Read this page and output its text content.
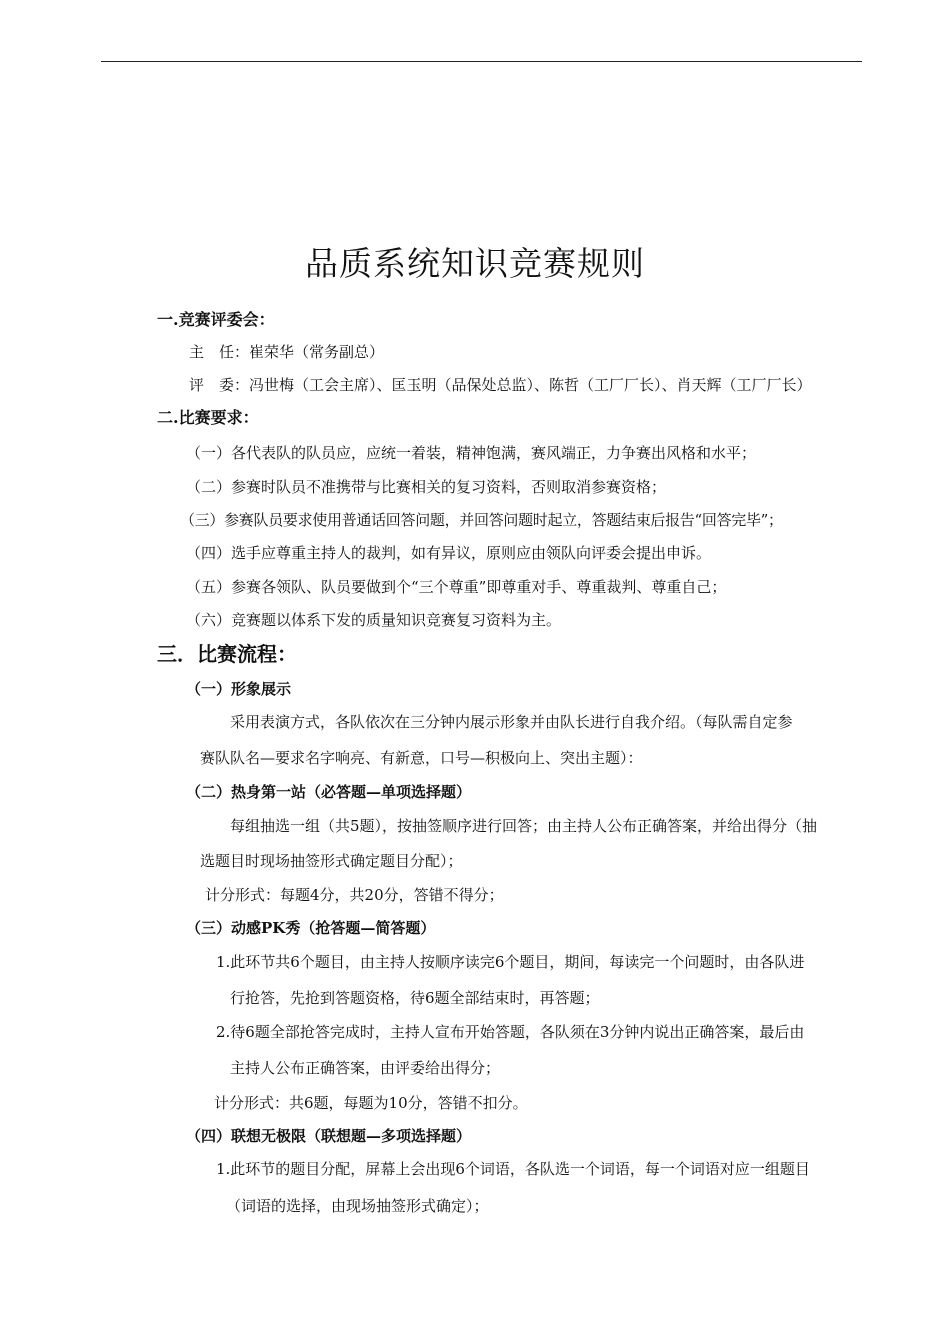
品质系统知识竞赛规则
一.竞赛评委会：
主　任：崔荣华（常务副总）
评　委：冯世梅（工会主席）、匡玉明（品保处总监）、陈哲（工厂厂长）、肖天辉（工厂厂长）
二.比赛要求：
（一）各代表队的队员应，应统一着装，精神饱满，赛风端正，力争赛出风格和水平；
（二）参赛时队员不准携带与比赛相关的复习资料，否则取消参赛资格；
（三）参赛队员要求使用普通话回答问题，并回答问题时起立，答题结束后报告“回答完毕”；
（四）选手应尊重主持人的裁判，如有异议，原则应由领队向评委会提出申诉。
（五）参赛各领队、队员要做到个“三个尊重”即尊重对手、尊重裁判、尊重自己；
（六）竞赛题以体系下发的质量知识竞赛复习资料为主。
三．比赛流程：
（一）形象展示
采用表演方式，各队依次在三分钟内展示形象并由队长进行自我介绍。（每队需自定参
赛队队名—要求名字响亮、有新意，口号—积极向上、突出主题）：
（二）热身第一站（必答题—单项选择题）
每组抽选一组（共5题），按抽签顺序进行回答；由主持人公布正确答案，并给出得分（抽
选题目时现场抽签形式确定题目分配）；
计分形式：每题4分，共20分，答错不得分；
（三）动感PK秀（抢答题—简答题）
1.此环节共6个题目，由主持人按顺序读完6个题目，期间，每读完一个问题时，由各队进
行抢答，先抢到答题资格，待6题全部结束时，再答题；
2.待6题全部抢答完成时，主持人宣布开始答题，各队须在3分钟内说出正确答案，最后由
主持人公布正确答案，由评委给出得分；
计分形式：共6题，每题为10分，答错不扣分。
（四）联想无极限（联想题—多项选择题）
1.此环节的题目分配，屏幕上会出现6个词语，各队选一个词语，每一个词语对应一组题目
（词语的选择，由现场抽签形式确定）；
